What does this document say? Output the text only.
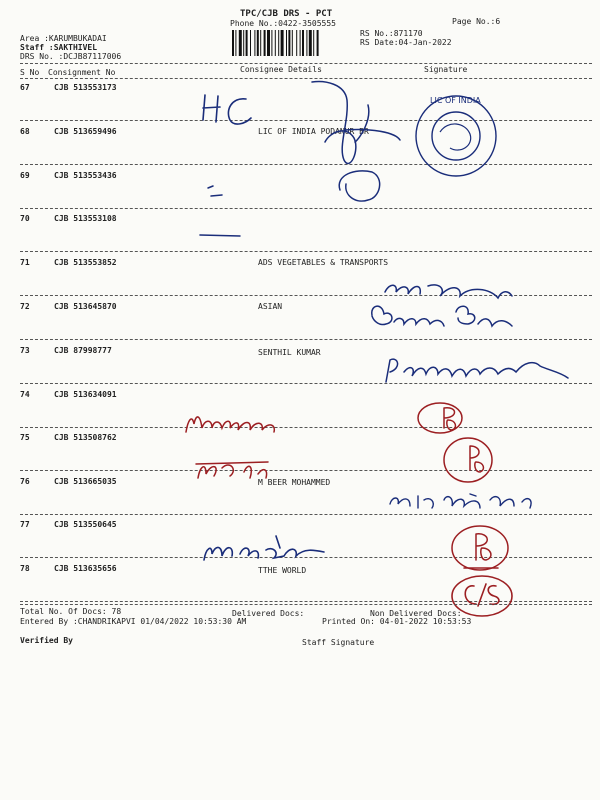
TPC/CJB DRS - PCT
Phone No.:0422-3505555	Page No.:6
Area :KARUMBUKADAI
Staff :SAKTHIVEL
DRS No. :DCJB87117006
RS No.:871170
RS Date:04-Jan-2022
S No Consignment No	Consignee Details	Signature
67	CJB 513553173
68	CJB 513659496	LIC OF INDIA PODANUR BR
69	CJB 513553436
70	CJB 513553108
71	CJB 513553852	ADS VEGETABLES & TRANSPORTS
72	CJB 513645870	ASIAN
73	CJB 87998777	SENTHIL KUMAR
74	CJB 513634091
75	CJB 513508762
76	CJB 513665035	M BEER MOHAMMED
77	CJB 513550645
78	CJB 513635656	TTHE WORLD
LIC OF INDIA
Total No. Of Docs: 78	Delivered Docs:	Non Delivered Docs:
Entered By :CHANDRIKAPVI 01/04/2022 10:53:30 AM	Printed On: 04-01-2022 10:53:53
Verified By	Staff Signature
